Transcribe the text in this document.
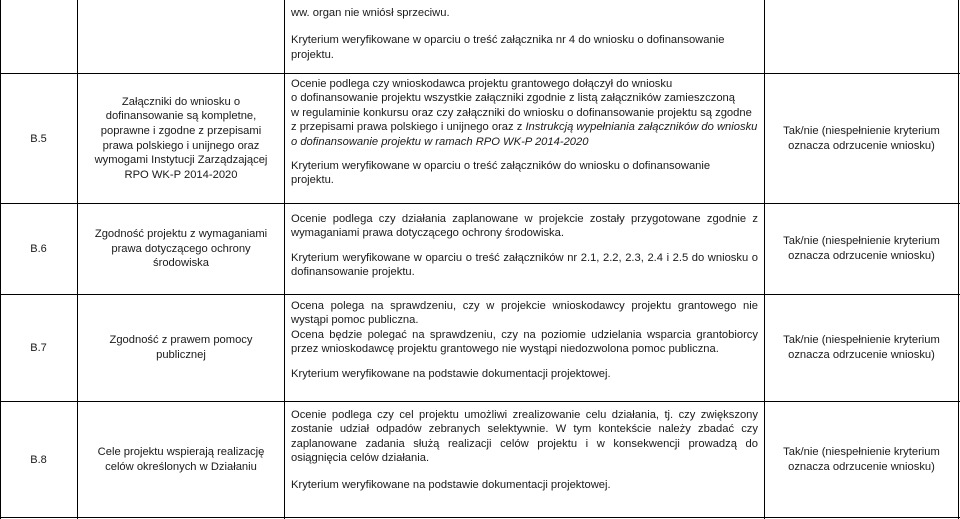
ww. organ nie wniósł sprzeciwu.

Kryterium weryfikowane w oparciu o treść załącznika nr 4 do wniosku o dofinansowanie

projektu.

B.5
Załączniki do wniosku o
dofinansowanie są kompletne,
poprawne i zgodne z przepisami
prawa polskiego i unijnego oraz
wymogami Instytucji Zarządzającej
RPO WK-P 2014-2020

Ocenie podlega czy wnioskodawca projektu grantowego dołączył do wniosku

o dofinansowanie projektu wszystkie załączniki zgodnie z listą załączników zamieszczoną

w regulaminie konkursu oraz czy załączniki do wniosku o dofinansowanie projektu są zgodne

z przepisami prawa polskiego i unijnego oraz z Instrukcją wypełniania załączników do wniosku

o dofinansowanie projektu w ramach RPO WK-P 2014-2020

Kryterium weryfikowane w oparciu o treść załączników do wniosku o dofinansowanie

projektu.

Tak/nie (niespełnienie kryterium
oznacza odrzucenie wniosku)
B.6
Zgodność projektu z wymaganiami
prawa dotyczącego ochrony
środowiska

Ocenie podlega czy działania zaplanowane w projekcie zostały przygotowane zgodnie z wymaganiami prawa dotyczącego ochrony środowiska.

Kryterium weryfikowane w oparciu o treść załączników nr 2.1, 2.2, 2.3, 2.4 i 2.5 do wniosku o dofinansowanie projektu.

Tak/nie (niespełnienie kryterium
oznacza odrzucenie wniosku)
B.7
Zgodność z prawem pomocy
publicznej

Ocena polega na sprawdzeniu, czy w projekcie wnioskodawcy projektu grantowego nie wystąpi pomoc publiczna.

Ocena będzie polegać na sprawdzeniu, czy na poziomie udzielania wsparcia grantobiorcy przez wnioskodawcę projektu grantowego nie wystąpi niedozwolona pomoc publiczna.

Kryterium weryfikowane na podstawie dokumentacji projektowej.

Tak/nie (niespełnienie kryterium
oznacza odrzucenie wniosku)
B.8
Cele projektu wspierają realizację
celów określonych w Działaniu

Ocenie podlega czy cel projektu umożliwi zrealizowanie celu działania, tj. czy zwiększony zostanie udział odpadów zebranych selektywnie. W tym kontekście należy zbadać czy zaplanowane zadania służą realizacji celów projektu i w konsekwencji prowadzą do osiągnięcia celów działania.

Kryterium weryfikowane na podstawie dokumentacji projektowej.

Tak/nie (niespełnienie kryterium
oznacza odrzucenie wniosku)
